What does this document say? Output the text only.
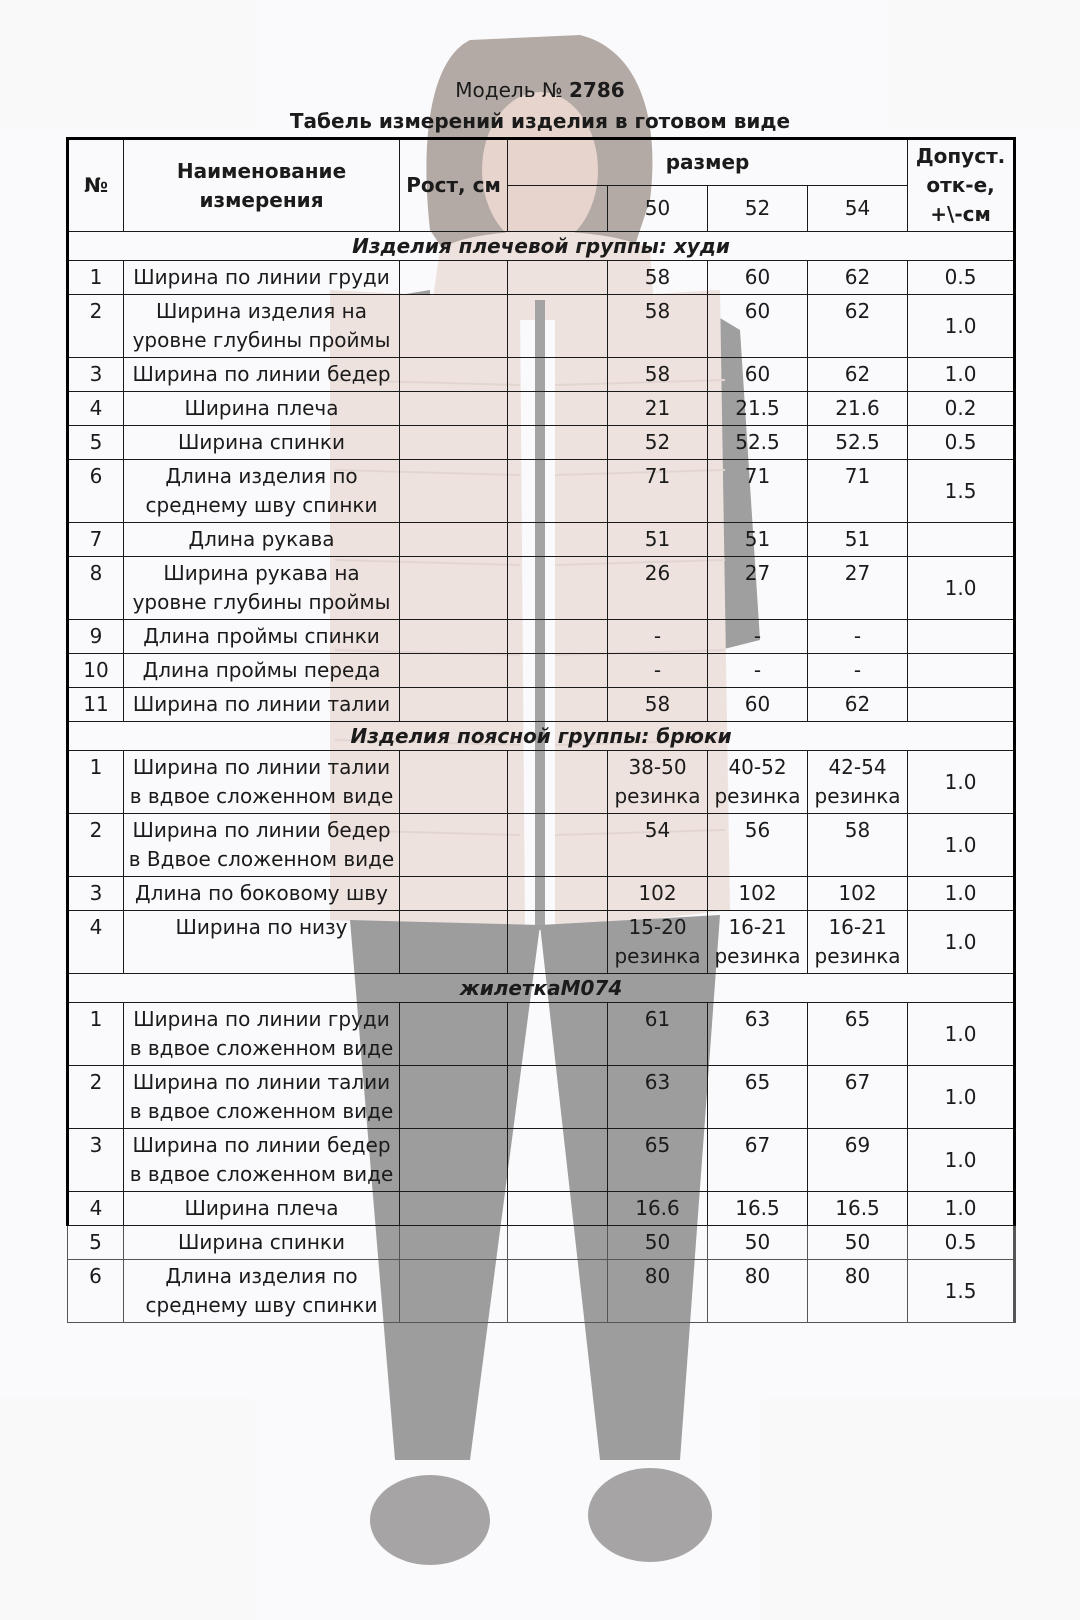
Модель № 2786
Табель измерений изделия в готовом виде
№	Наименование измерения	Рост, см	размер				Допуст. отк-е, +\-см
				50	52	54	
Изделия плечевой группы: худи							
1	Ширина по линии груди			58	60	62	0.5
2	Ширина изделия на уровне глубины проймы			58	60	62	1.0
3	Ширина по линии бедер			58	60	62	1.0
4	Ширина плеча			21	21.5	21.6	0.2
5	Ширина спинки			52	52.5	52.5	0.5
6	Длина изделия по среднему шву спинки			71	71	71	1.5
7	Длина рукава			51	51	51	
8	Ширина рукава на уровне глубины проймы			26	27	27	1.0
9	Длина проймы спинки			-	-	-	
10	Длина проймы переда			-	-	-	
11	Ширина по линии талии			58	60	62	
Изделия поясной группы: брюки							
1	Ширина по линии талии в вдвое сложенном виде			38-50 резинка	40-52 резинка	42-54 резинка	1.0
2	Ширина по линии бедер в Вдвое сложенном виде			54	56	58	1.0
3	Длина по боковому шву			102	102	102	1.0
4	Ширина по низу			15-20 резинка	16-21 резинка	16-21 резинка	1.0
жилеткаМ074							
1	Ширина по линии груди в вдвое сложенном виде			61	63	65	1.0
2	Ширина по линии талии в вдвое сложенном виде			63	65	67	1.0
3	Ширина по линии бедер в вдвое сложенном виде			65	67	69	1.0
4	Ширина плеча			16.6	16.5	16.5	1.0
5	Ширина спинки			50	50	50	0.5
6	Длина изделия по среднему шву спинки			80	80	80	1.5
